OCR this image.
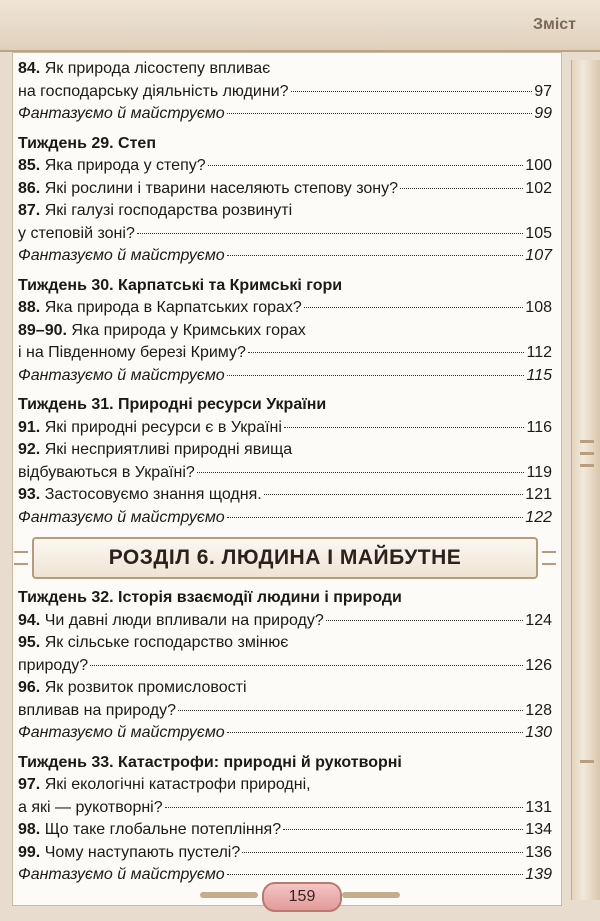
Зміст
84. Як природа лісостепу впливає
на господарську діяльність людини?	97
Фантазуємо й майструємо	99
Тиждень 29. Степ
85. Яка природа у степу?	100
86. Які рослини і тварини населяють степову зону?	102
87. Які галузі господарства розвинуті
у степовій зоні?	105
Фантазуємо й майструємо	107
Тиждень 30. Карпатські та Кримські гори
88. Яка природа в Карпатських горах?	108
89–90. Яка природа у Кримських горах
і на Південному березі Криму?	112
Фантазуємо й майструємо	115
Тиждень 31. Природні ресурси України
91. Які природні ресурси є в Україні	116
92. Які несприятливі природні явища
відбуваються в Україні?	119
93. Застосовуємо знання щодня.	121
Фантазуємо й майструємо	122
РОЗДІЛ 6. ЛЮДИНА І МАЙБУТНЕ
Тиждень 32. Історія взаємодії людини і природи
94. Чи давні люди впливали на природу?	124
95. Як сільське господарство змінює
природу?	126
96. Як розвиток промисловості
впливав на природу?	128
Фантазуємо й майструємо	130
Тиждень 33. Катастрофи: природні й рукотворні
97. Які екологічні катастрофи природні,
а які — рукотворні?	131
98. Що таке глобальне потепління?	134
99. Чому наступають пустелі?	136
Фантазуємо й майструємо	139
159
